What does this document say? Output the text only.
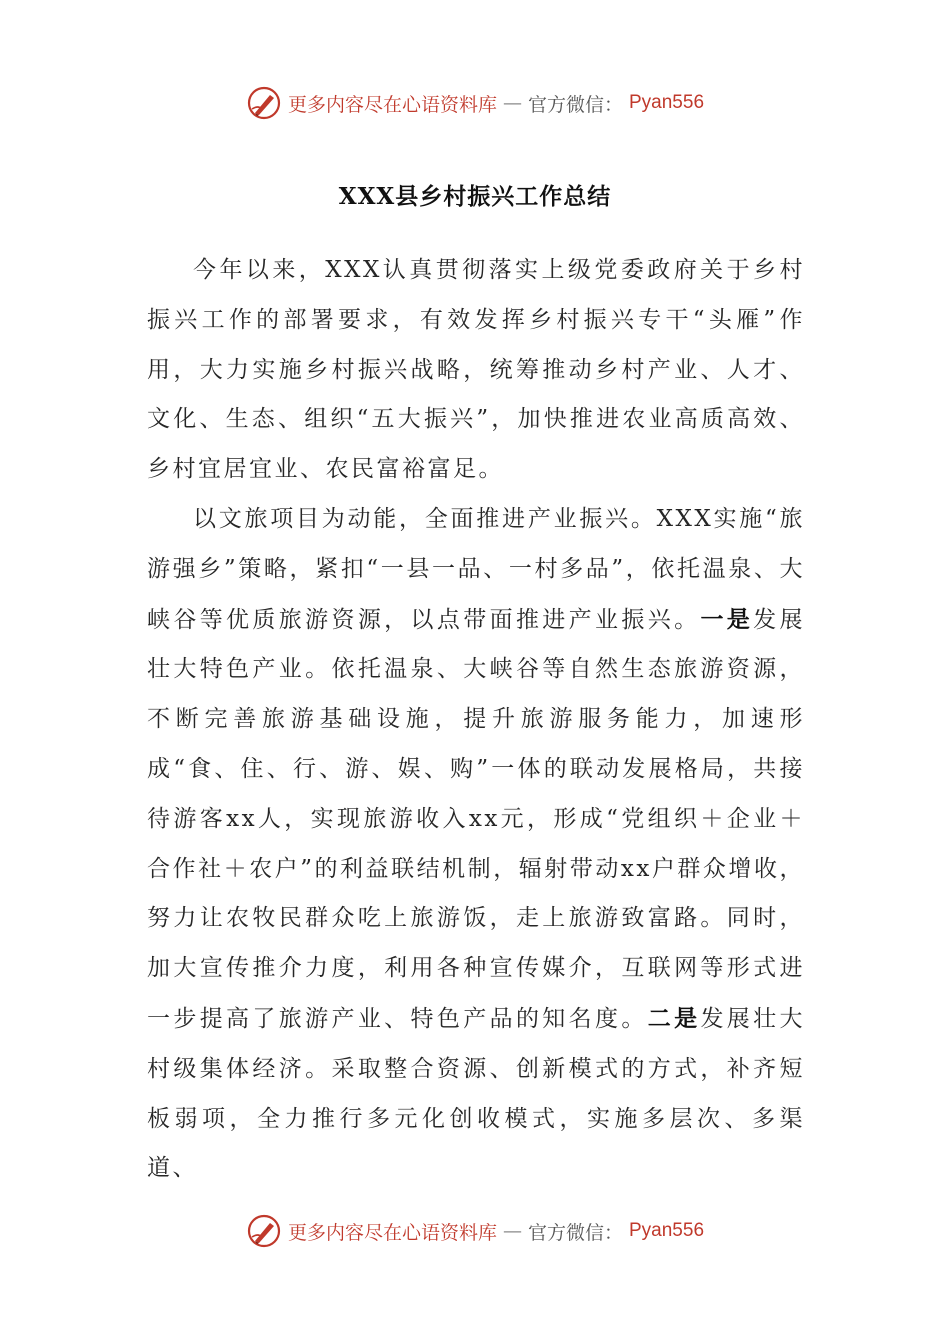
更多内容尽在心语资料库 — 官方微信： Pyan556
XXX县乡村振兴工作总结

今年以来，XXX认真贯彻落实上级党委政府关于乡村振兴工作的部署要求，有效发挥乡村振兴专干“头雁”作用，大力实施乡村振兴战略，统筹推动乡村产业、人才、文化、生态、组织“五大振兴”，加快推进农业高质高效、乡村宜居宜业、农民富裕富足。

以文旅项目为动能，全面推进产业振兴。XXX实施“旅游强乡”策略，紧扣“一县一品、一村多品”，依托温泉、大峡谷等优质旅游资源，以点带面推进产业振兴。一是发展壮大特色产业。依托温泉、大峡谷等自然生态旅游资源，不断完善旅游基础设施，提升旅游服务能力，加速形成“食、住、行、游、娱、购”一体的联动发展格局，共接待游客xx人，实现旅游收入xx元，形成“党组织＋企业＋合作社＋农户”的利益联结机制，辐射带动xx户群众增收，努力让农牧民群众吃上旅游饭，走上旅游致富路。同时，加大宣传推介力度，利用各种宣传媒介，互联网等形式进一步提高了旅游产业、特色产品的知名度。二是发展壮大村级集体经济。采取整合资源、创新模式的方式，补齐短板弱项，全力推行多元化创收模式，实施多层次、多渠道、

更多内容尽在心语资料库 — 官方微信： Pyan556
